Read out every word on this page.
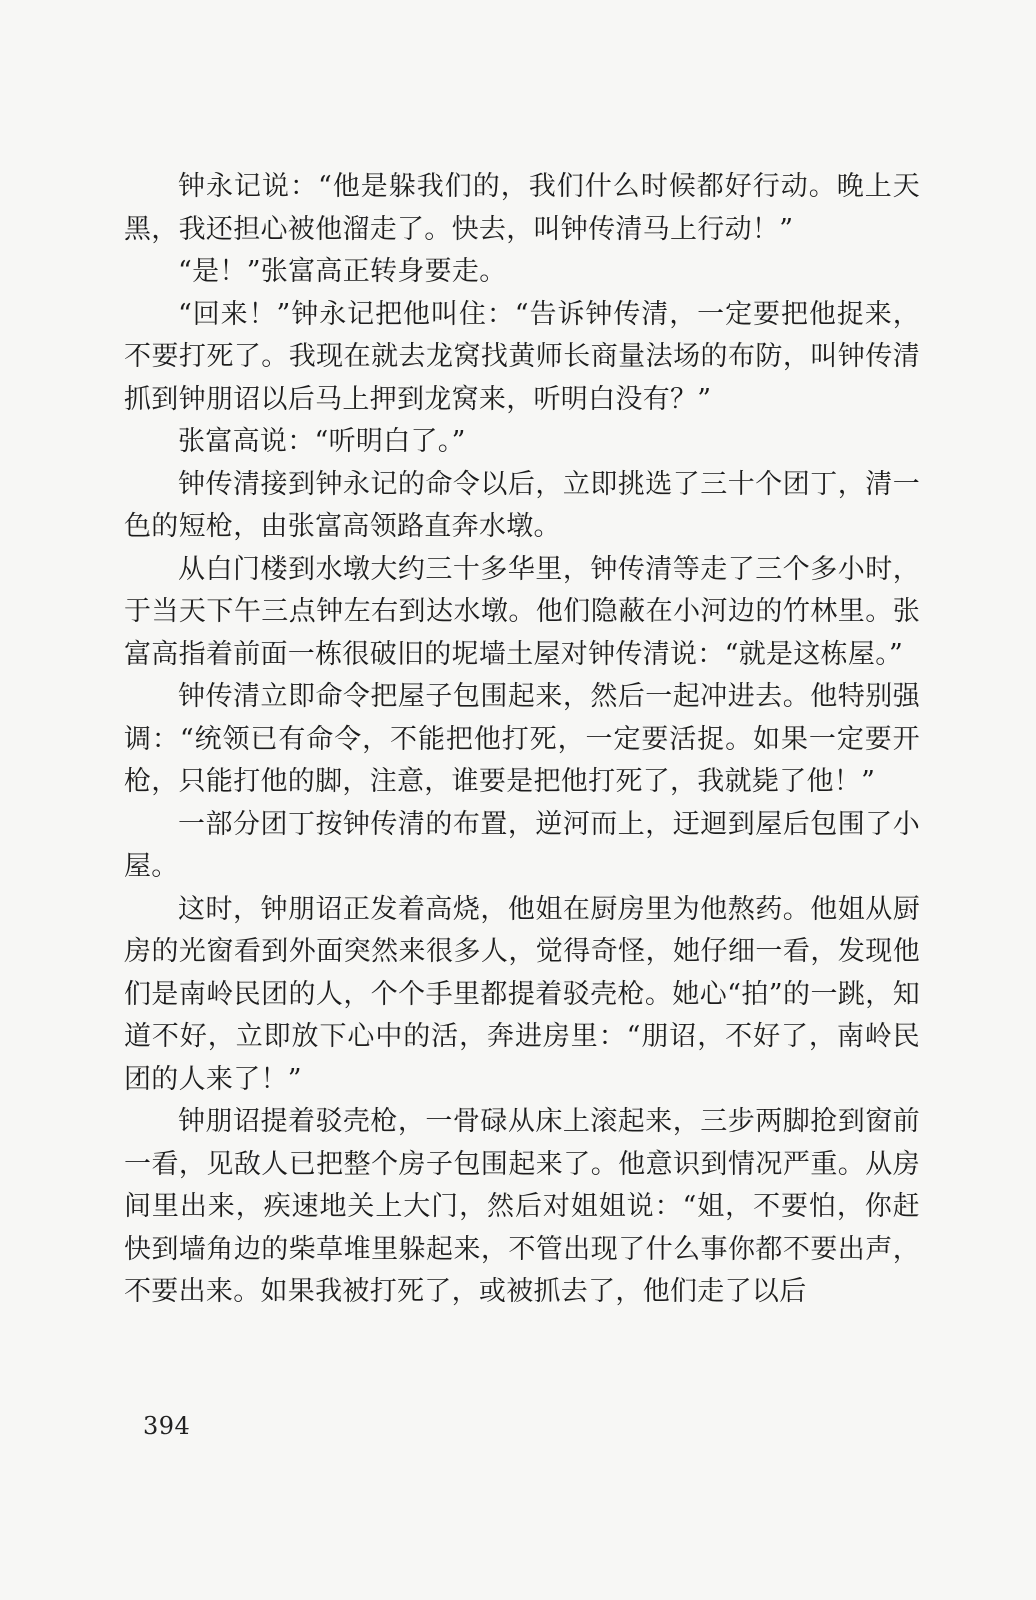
钟永记说：“他是躲我们的，我们什么时候都好行动。晚上天黑，我还担心被他溜走了。快去，叫钟传清马上行动！”

“是！”张富高正转身要走。

“回来！”钟永记把他叫住：“告诉钟传清，一定要把他捉来，不要打死了。我现在就去龙窝找黄师长商量法场的布防，叫钟传清抓到钟朋诏以后马上押到龙窝来，听明白没有？”

张富高说：“听明白了。”

钟传清接到钟永记的命令以后，立即挑选了三十个团丁，清一色的短枪，由张富高领路直奔水墩。

从白门楼到水墩大约三十多华里，钟传清等走了三个多小时，于当天下午三点钟左右到达水墩。他们隐蔽在小河边的竹林里。张富高指着前面一栋很破旧的坭墙土屋对钟传清说：“就是这栋屋。”

钟传清立即命令把屋子包围起来，然后一起冲进去。他特别强调：“统领已有命令，不能把他打死，一定要活捉。如果一定要开枪，只能打他的脚，注意，谁要是把他打死了，我就毙了他！”

一部分团丁按钟传清的布置，逆河而上，迂迴到屋后包围了小屋。

这时，钟朋诏正发着高烧，他姐在厨房里为他熬药。他姐从厨房的光窗看到外面突然来很多人，觉得奇怪，她仔细一看，发现他们是南岭民团的人，个个手里都提着驳壳枪。她心“拍”的一跳，知道不好，立即放下心中的活，奔进房里：“朋诏，不好了，南岭民团的人来了！”

钟朋诏提着驳壳枪，一骨碌从床上滚起来，三步两脚抢到窗前一看，见敌人已把整个房子包围起来了。他意识到情况严重。从房间里出来，疾速地关上大门，然后对姐姐说：“姐，不要怕，你赶快到墙角边的柴草堆里躲起来，不管出现了什么事你都不要出声，不要出来。如果我被打死了，或被抓去了，他们走了以后

394
